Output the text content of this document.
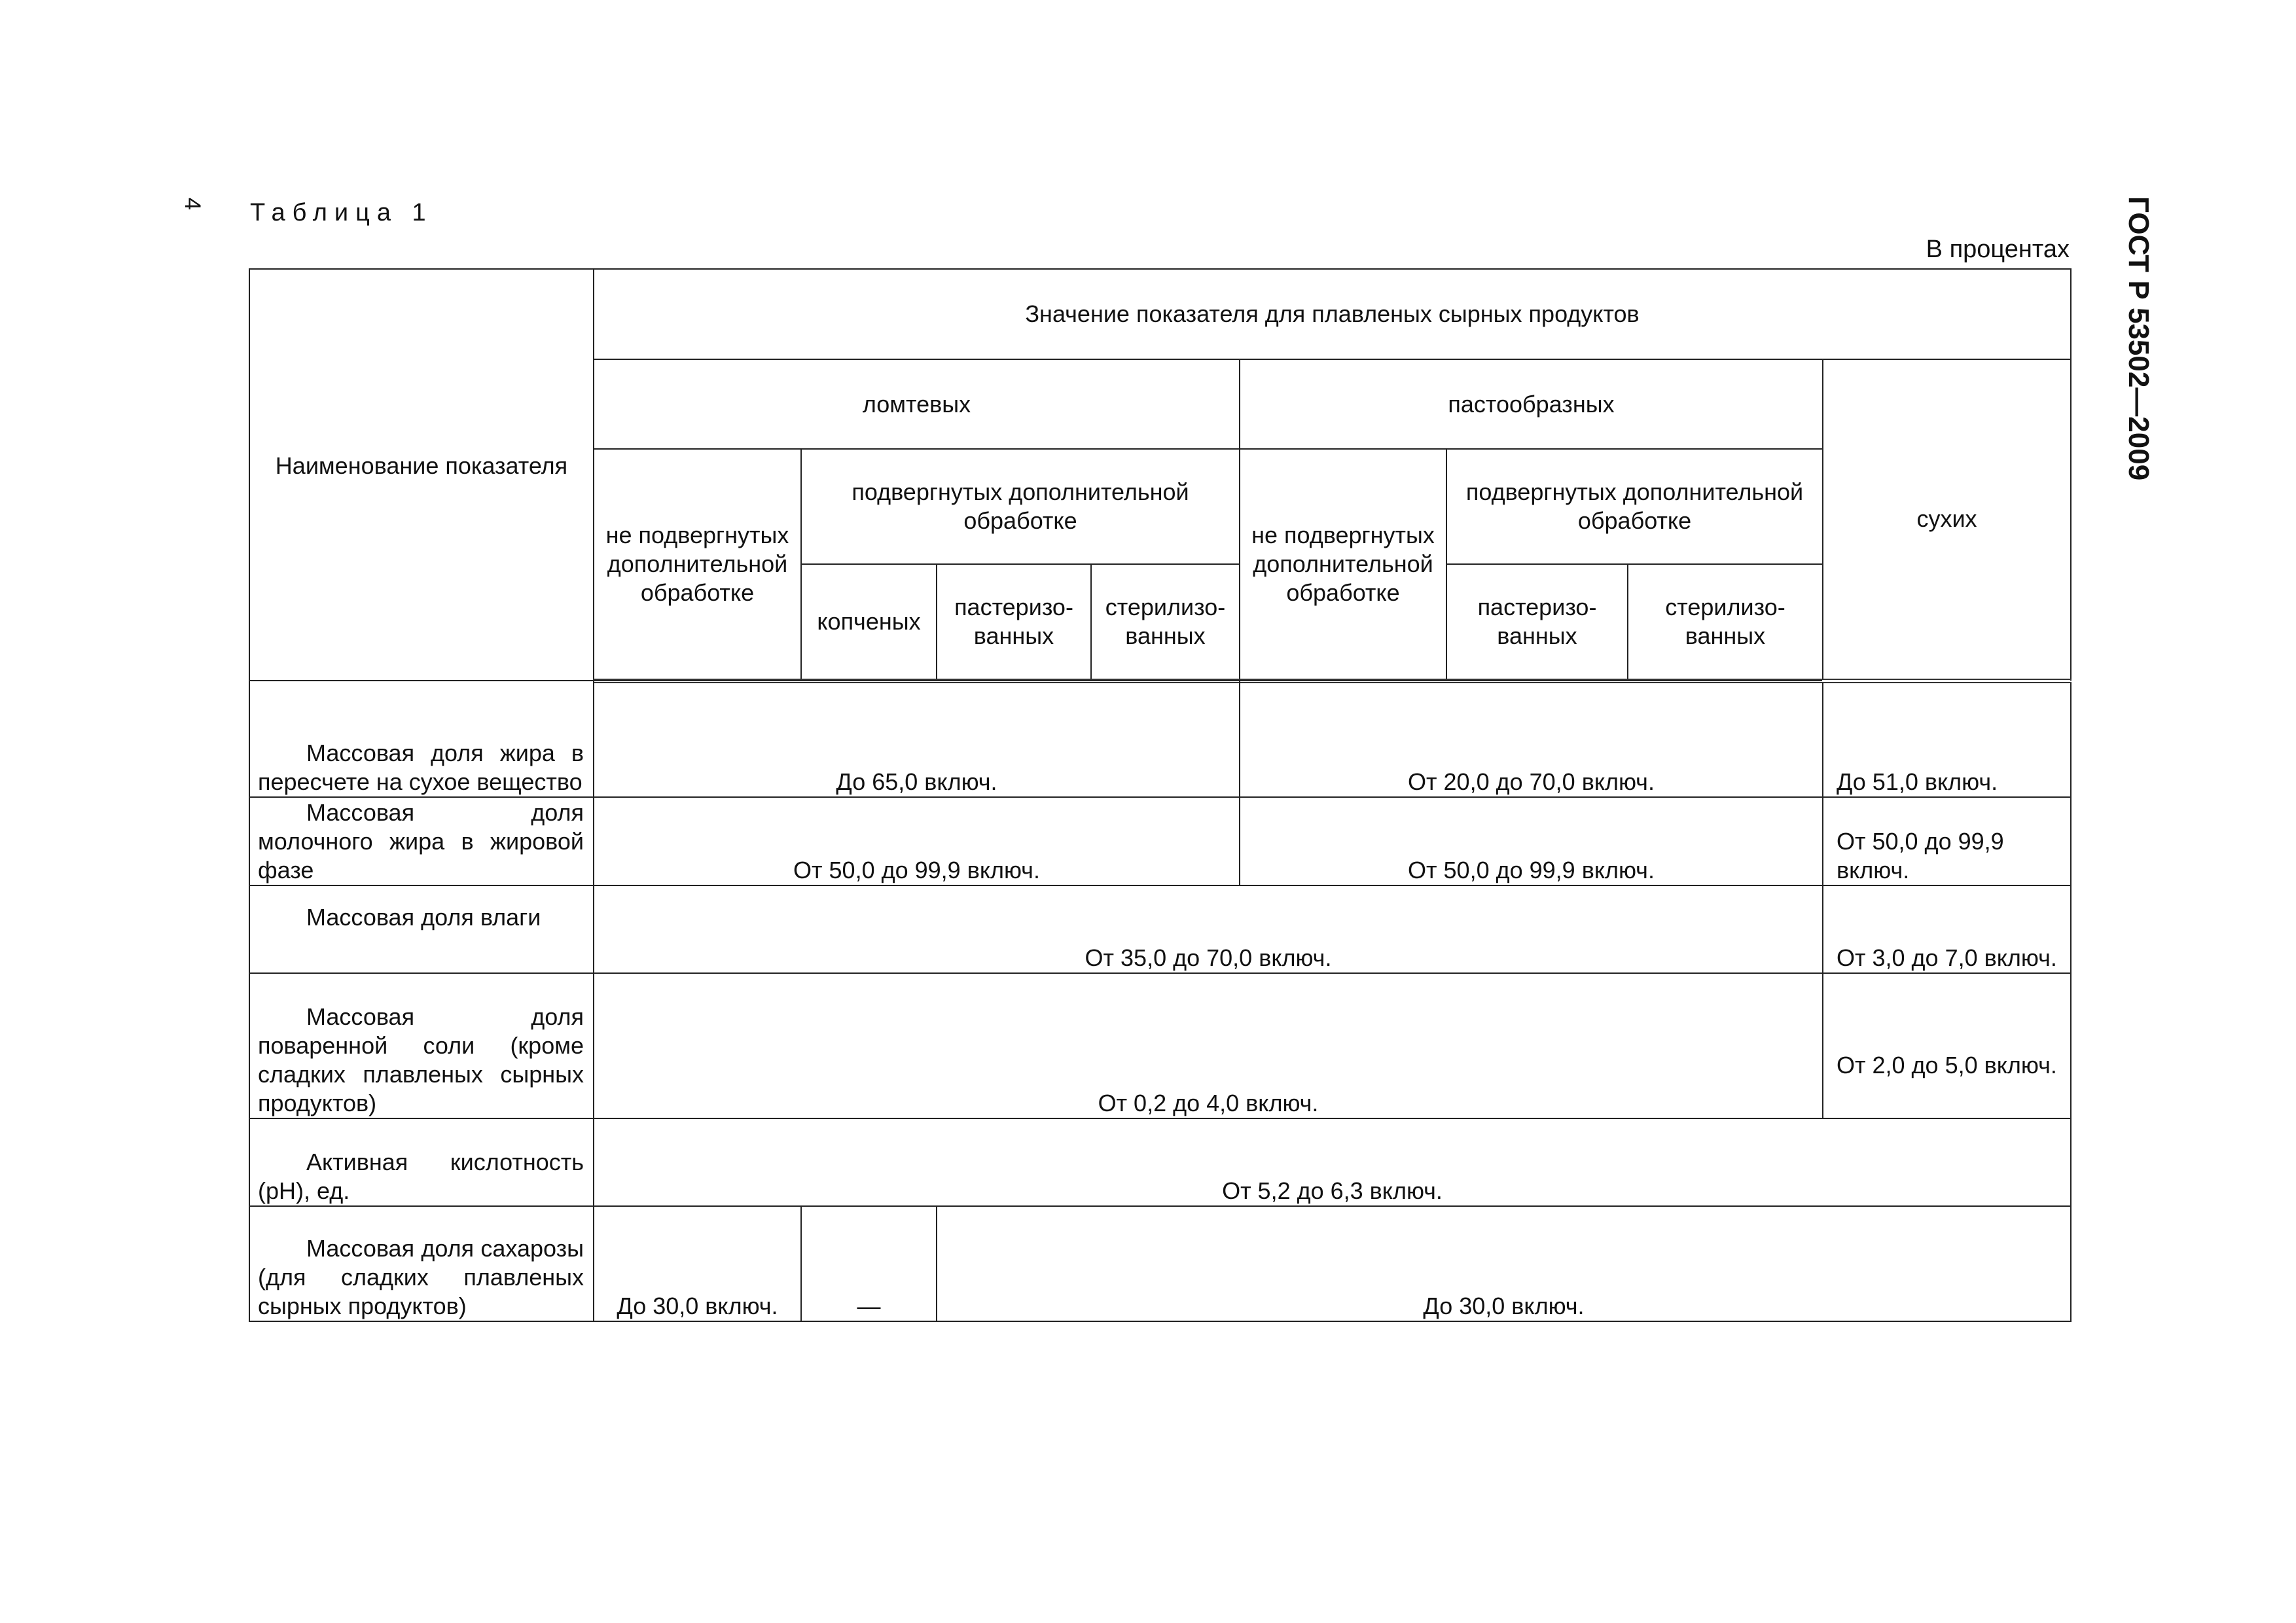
4 Таблица 1
В процентах ГОСТ Р 53502—2009
Наименование показателя	Значение показателя для плавленых сырных продуктов							
	ломтевых				пастообразных			сухих
	не подвергнутых дополнительной обработке	подвергнутых дополнительной обработке			не подвергнутых дополнительной обработке	подвергнутых дополнительной обработке		
		копченых	пастеризо-ванных	стерилизо-ванных		пастеризо-ванных	стерилизо-ванных	

Массовая доля жира в пересчете на сухое вещество	До 65,0 включ.				От 20,0 до 70,0 включ.			До 51,0 включ.
Массовая доля молочного жира в жировой фазе	От 50,0 до 99,9 включ.				От 50,0 до 99,9 включ.			От 50,0 до 99,9 включ.
Массовая доля влаги	От 35,0 до 70,0 включ.							От 3,0 до 7,0 включ.
Массовая доля поваренной соли (кроме сладких плавленых сырных продуктов)	От 0,2 до 4,0 включ.							От 2,0 до 5,0 включ.
Активная кислотность (pH), ед.	От 5,2 до 6,3 включ.							
Массовая доля сахарозы (для сладких плавленых сырных продуктов)	До 30,0 включ.	—	До 30,0 включ.					
